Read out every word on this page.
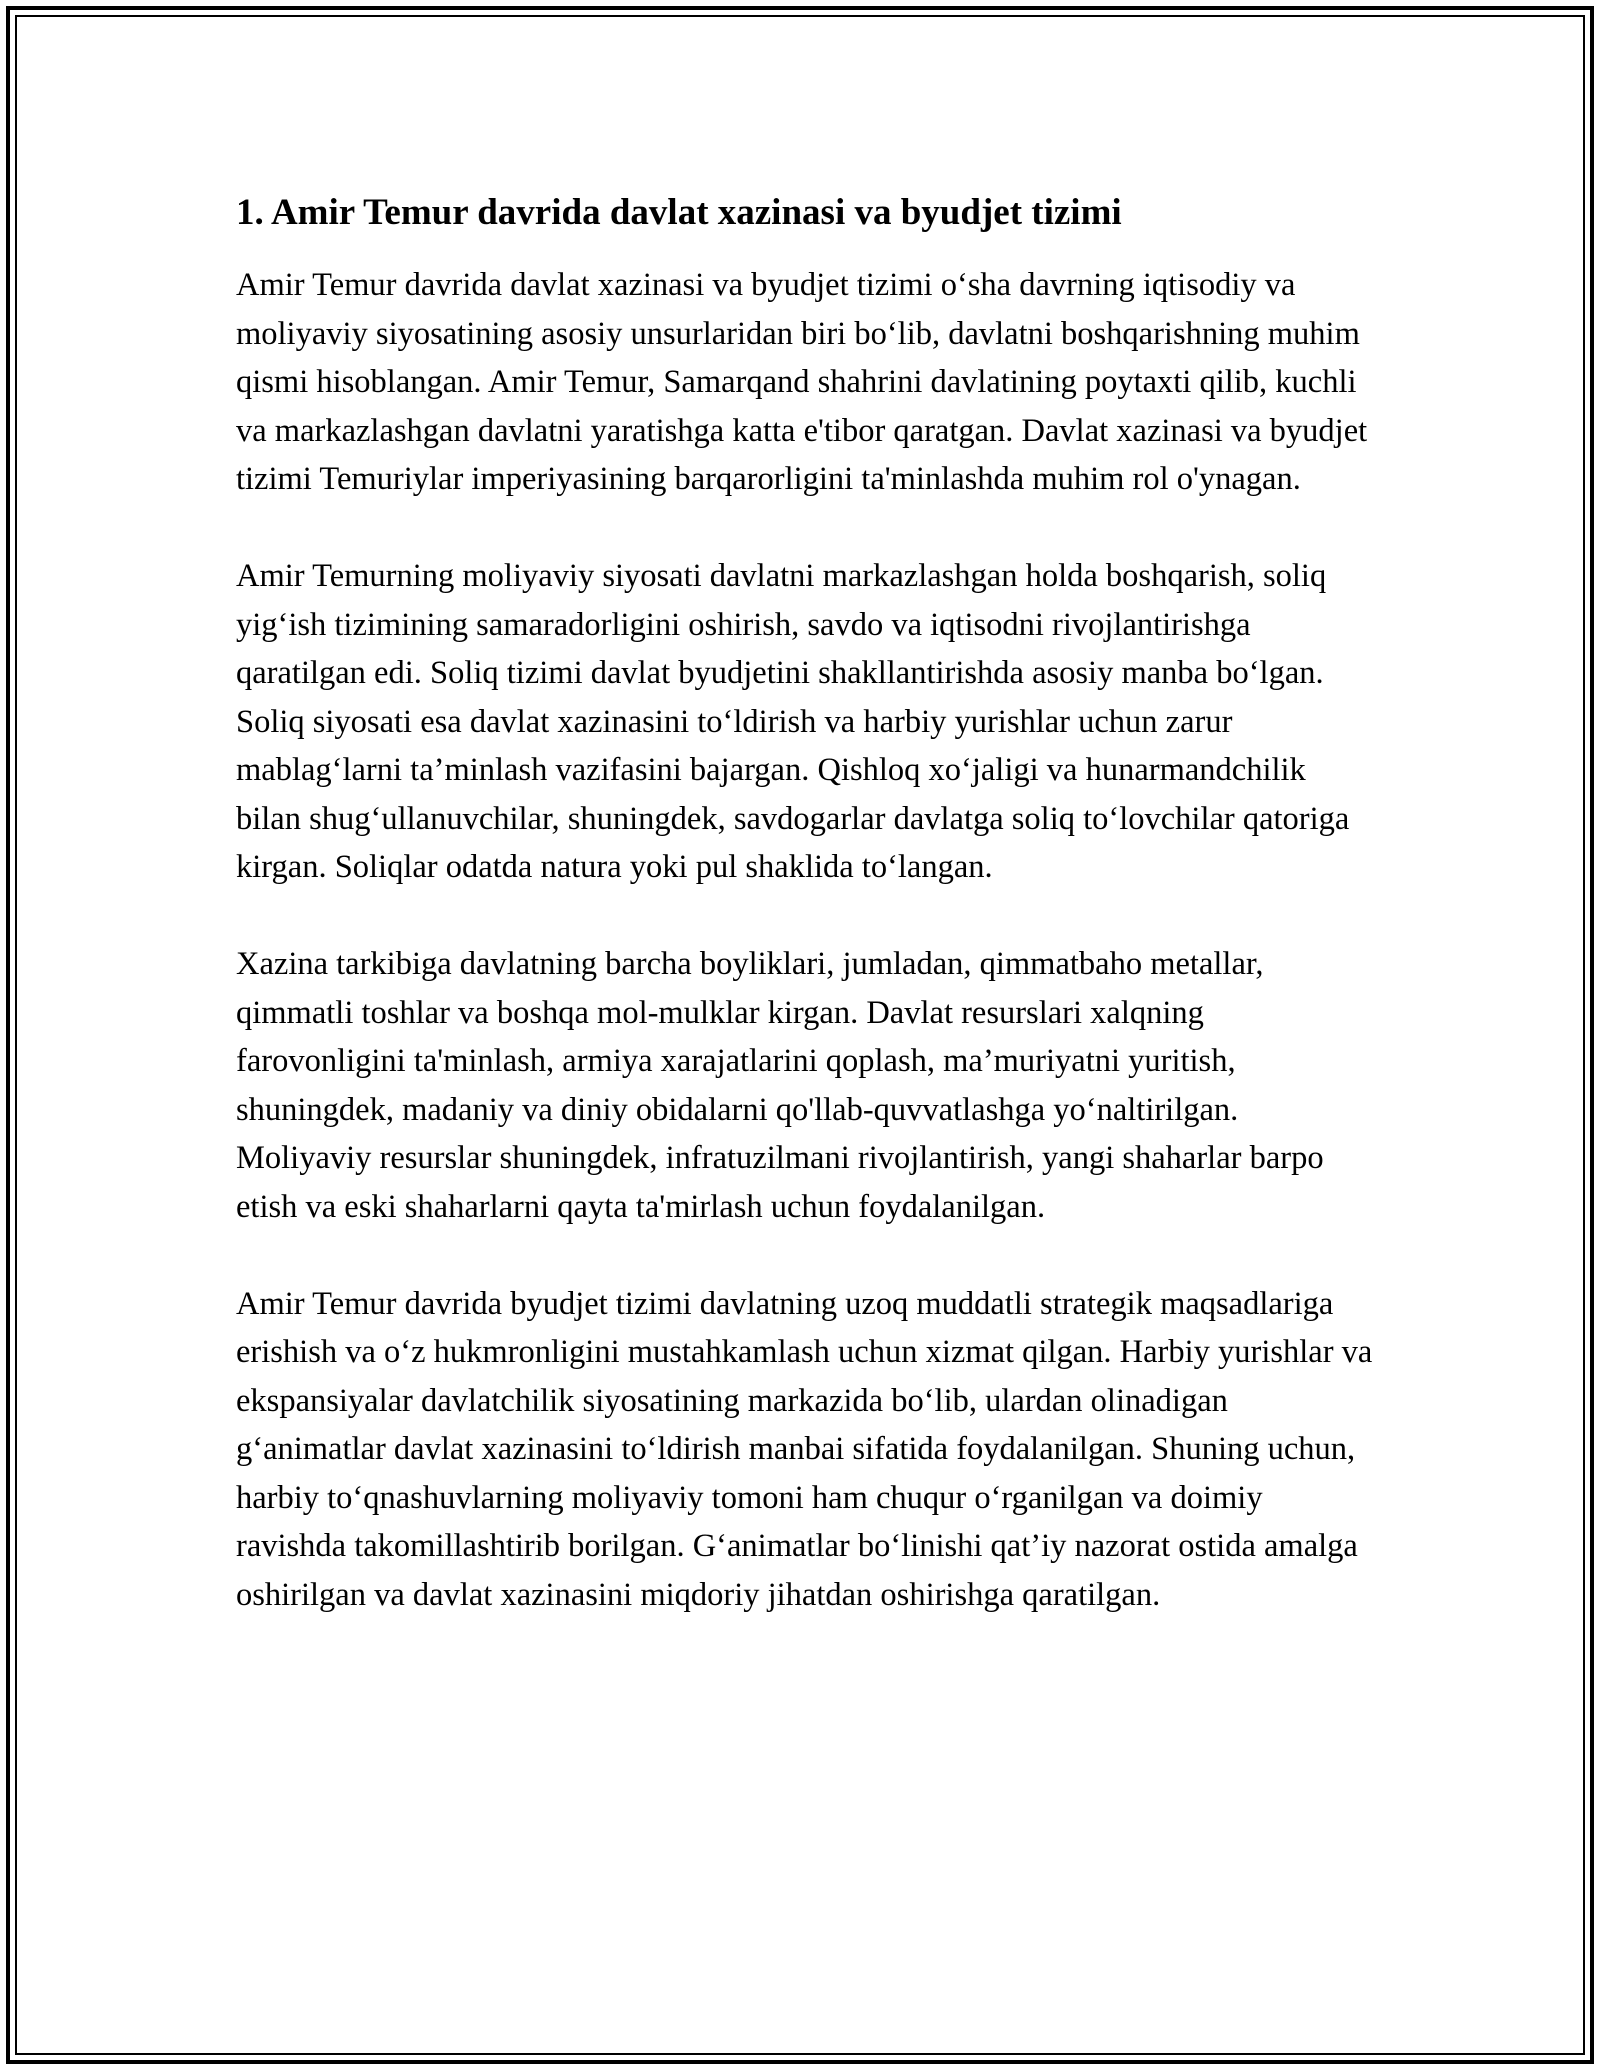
1. Amir Temur davrida davlat xazinasi va byudjet tizimi

Amir Temur davrida davlat xazinasi va byudjet tizimi o‘sha davrning iqtisodiy va moliyaviy siyosatining asosiy unsurlaridan biri bo‘lib, davlatni boshqarishning muhim qismi hisoblangan. Amir Temur, Samarqand shahrini davlatining poytaxti qilib, kuchli va markazlashgan davlatni yaratishga katta e'tibor qaratgan. Davlat xazinasi va byudjet tizimi Temuriylar imperiyasining barqarorligini ta'minlashda muhim rol o'ynagan.

Amir Temurning moliyaviy siyosati davlatni markazlashgan holda boshqarish, soliq yig‘ish tizimining samaradorligini oshirish, savdo va iqtisodni rivojlantirishga qaratilgan edi. Soliq tizimi davlat byudjetini shakllantirishda asosiy manba bo‘lgan. Soliq siyosati esa davlat xazinasini to‘ldirish va harbiy yurishlar uchun zarur mablag‘larni ta’minlash vazifasini bajargan. Qishloq xo‘jaligi va hunarmandchilik bilan shug‘ullanuvchilar, shuningdek, savdogarlar davlatga soliq to‘lovchilar qatoriga kirgan. Soliqlar odatda natura yoki pul shaklida to‘langan.

Xazina tarkibiga davlatning barcha boyliklari, jumladan, qimmatbaho metallar, qimmatli toshlar va boshqa mol-mulklar kirgan. Davlat resurslari xalqning farovonligini ta'minlash, armiya xarajatlarini qoplash, ma’muriyatni yuritish, shuningdek, madaniy va diniy obidalarni qo'llab-quvvatlashga yo‘naltirilgan. Moliyaviy resurslar shuningdek, infratuzilmani rivojlantirish, yangi shaharlar barpo etish va eski shaharlarni qayta ta'mirlash uchun foydalanilgan.

Amir Temur davrida byudjet tizimi davlatning uzoq muddatli strategik maqsadlariga erishish va o‘z hukmronligini mustahkamlash uchun xizmat qilgan. Harbiy yurishlar va ekspansiyalar davlatchilik siyosatining markazida bo‘lib, ulardan olinadigan g‘animatlar davlat xazinasini to‘ldirish manbai sifatida foydalanilgan. Shuning uchun, harbiy to‘qnashuvlarning moliyaviy tomoni ham chuqur o‘rganilgan va doimiy ravishda takomillashtirib borilgan. G‘animatlar bo‘linishi qat’iy nazorat ostida amalga oshirilgan va davlat xazinasini miqdoriy jihatdan oshirishga qaratilgan.
